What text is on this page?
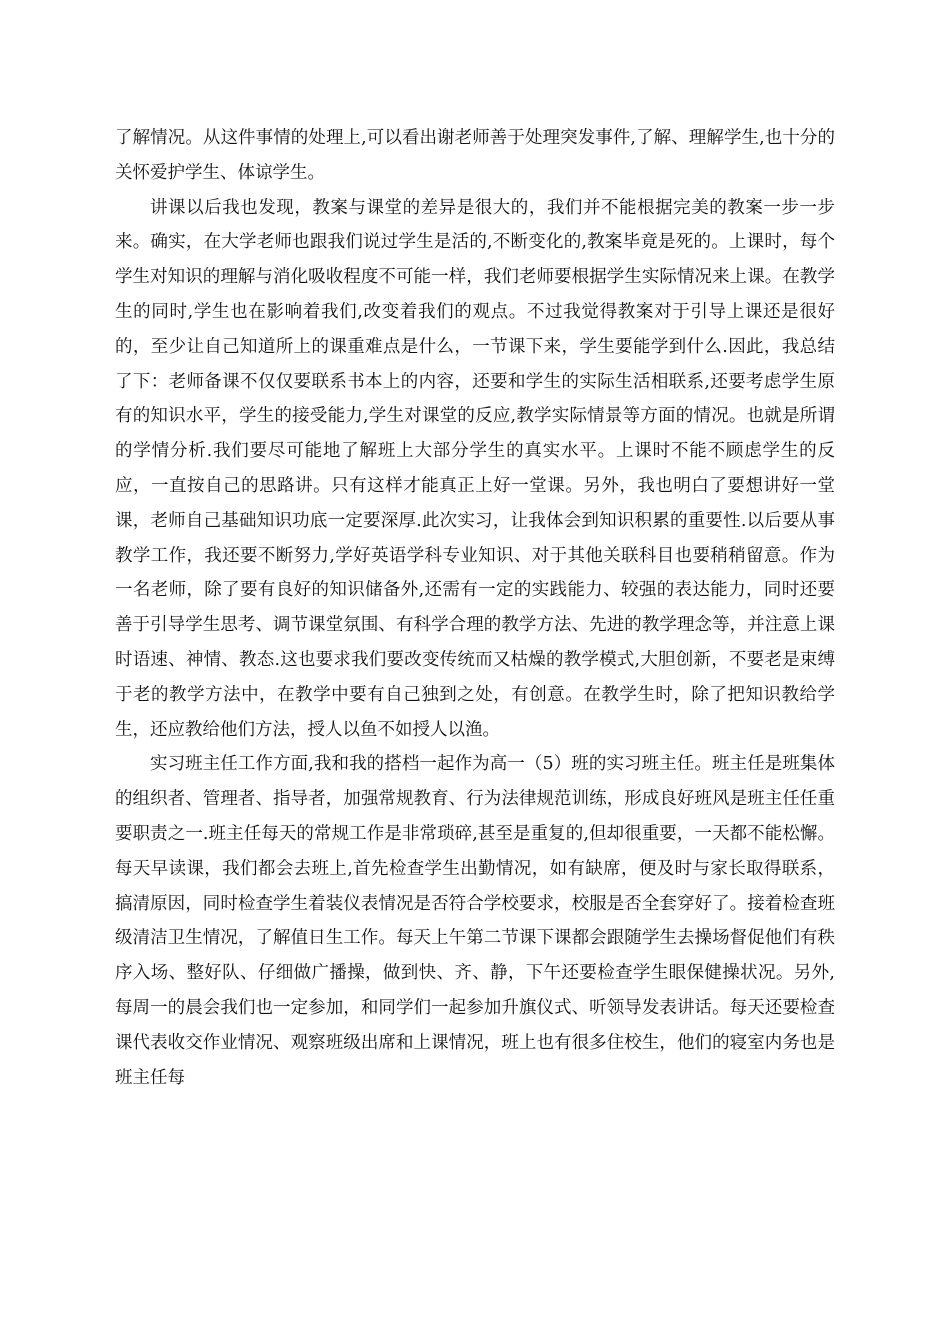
了解情况。从这件事情的处理上,可以看出谢老师善于处理突发事件,了解、理解学生,也十分的关怀爱护学生、体谅学生。

讲课以后我也发现，教案与课堂的差异是很大的，我们并不能根据完美的教案一步一步来。确实，在大学老师也跟我们说过学生是活的,不断变化的,教案毕竟是死的。上课时，每个学生对知识的理解与消化吸收程度不可能一样，我们老师要根据学生实际情况来上课。在教学生的同时,学生也在影响着我们,改变着我们的观点。不过我觉得教案对于引导上课还是很好的，至少让自己知道所上的课重难点是什么，一节课下来，学生要能学到什么.因此，我总结了下：老师备课不仅仅要联系书本上的内容，还要和学生的实际生活相联系,还要考虑学生原有的知识水平，学生的接受能力,学生对课堂的反应,教学实际情景等方面的情况。也就是所谓的学情分析.我们要尽可能地了解班上大部分学生的真实水平。上课时不能不顾虑学生的反应，一直按自己的思路讲。只有这样才能真正上好一堂课。另外，我也明白了要想讲好一堂课，老师自己基础知识功底一定要深厚.此次实习，让我体会到知识积累的重要性.以后要从事教学工作，我还要不断努力,学好英语学科专业知识、对于其他关联科目也要稍稍留意。作为一名老师，除了要有良好的知识储备外,还需有一定的实践能力、较强的表达能力，同时还要善于引导学生思考、调节课堂氛围、有科学合理的教学方法、先进的教学理念等，并注意上课时语速、神情、教态.这也要求我们要改变传统而又枯燥的教学模式,大胆创新，不要老是束缚于老的教学方法中，在教学中要有自己独到之处，有创意。在教学生时，除了把知识教给学生，还应教给他们方法，授人以鱼不如授人以渔。

实习班主任工作方面,我和我的搭档一起作为高一（5）班的实习班主任。班主任是班集体的组织者、管理者、指导者，加强常规教育、行为法律规范训练，形成良好班风是班主任任重要职责之一.班主任每天的常规工作是非常琐碎,甚至是重复的,但却很重要，一天都不能松懈。每天早读课，我们都会去班上,首先检查学生出勤情况，如有缺席，便及时与家长取得联系，搞清原因，同时检查学生着装仪表情况是否符合学校要求，校服是否全套穿好了。接着检查班级清洁卫生情况，了解值日生工作。每天上午第二节课下课都会跟随学生去操场督促他们有秩序入场、整好队、仔细做广播操，做到快、齐、静，下午还要检查学生眼保健操状况。另外,每周一的晨会我们也一定参加，和同学们一起参加升旗仪式、听领导发表讲话。每天还要检查课代表收交作业情况、观察班级出席和上课情况，班上也有很多住校生，他们的寝室内务也是班主任每
